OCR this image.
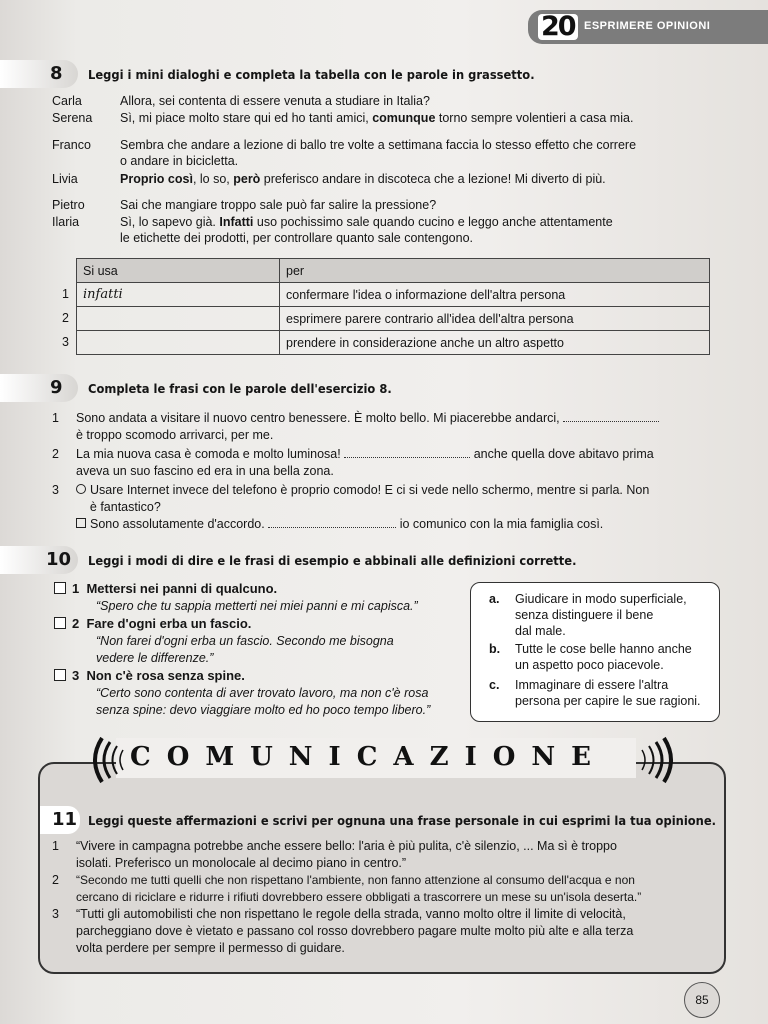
20 ESPRIMERE OPINIONI
8 Leggi i mini dialoghi e completa la tabella con le parole in grassetto.
Carla	Allora, sei contenta di essere venuta a studiare in Italia?
Serena	Sì, mi piace molto stare qui ed ho tanti amici, comunque torno sempre volentieri a casa mia.
Franco	Sembra che andare a lezione di ballo tre volte a settimana faccia lo stesso effetto che correre
o andare in bicicletta.
Livia	Proprio così, lo so, però preferisco andare in discoteca che a lezione! Mi diverto di più.
Pietro	Sai che mangiare troppo sale può far salire la pressione?
Ilaria	Sì, lo sapevo già. Infatti uso pochissimo sale quando cucino e leggo anche attentamente
le etichette dei prodotti, per controllare quanto sale contengono.
Si usa	per
infatti	confermare l'idea o informazione dell'altra persona
	esprimere parere contrario all'idea dell'altra persona
	prendere in considerazione anche un altro aspetto
1
2
3
9 Completa le frasi con le parole dell'esercizio 8.
1	Sono andata a visitare il nuovo centro benessere. È molto bello. Mi piacerebbe andarci,
è troppo scomodo arrivarci, per me.
2	La mia nuova casa è comoda e molto luminosa!	anche quella dove abitavo prima
aveva un suo fascino ed era in una bella zona.
3	Usare Internet invece del telefono è proprio comodo! E ci si vede nello schermo, mentre si parla. Non
è fantastico?
Sono assolutamente d'accordo.	io comunico con la mia famiglia così.
10 Leggi i modi di dire e le frasi di esempio e abbinali alle definizioni corrette.
1 Mettersi nei panni di qualcuno.
“Spero che tu sappia metterti nei miei panni e mi capisca.”
2 Fare d'ogni erba un fascio.
“Non farei d'ogni erba un fascio. Secondo me bisogna
vedere le differenze.”
3 Non c'è rosa senza spine.
“Certo sono contenta di aver trovato lavoro, ma non c'è rosa
senza spine: devo viaggiare molto ed ho poco tempo libero.”
a. Giudicare in modo superficiale,
senza distinguere il bene
dal male.
b. Tutte le cose belle hanno anche
un aspetto poco piacevole.
c. Immaginare di essere l'altra
persona per capire le sue ragioni.
COMUNICAZIONE
11 Leggi queste affermazioni e scrivi per ognuna una frase personale in cui esprimi la tua opinione.
1	“Vivere in campagna potrebbe anche essere bello: l'aria è più pulita, c'è silenzio, ... Ma sì è troppo
isolati. Preferisco un monolocale al decimo piano in centro.”
2	“Secondo me tutti quelli che non rispettano l'ambiente, non fanno attenzione al consumo dell'acqua e non
cercano di riciclare e ridurre i rifiuti dovrebbero essere obbligati a trascorrere un mese su un'isola deserta.”
3	“Tutti gli automobilisti che non rispettano le regole della strada, vanno molto oltre il limite di velocità,
parcheggiano dove è vietato e passano col rosso dovrebbero pagare multe molto più alte e alla terza
volta perdere per sempre il permesso di guidare.
85
